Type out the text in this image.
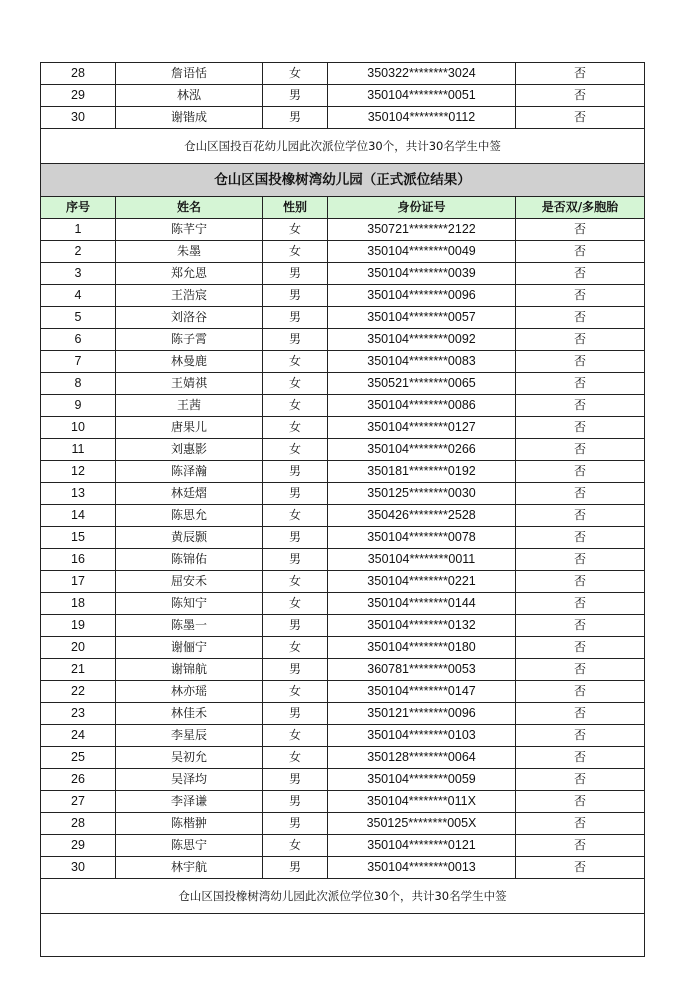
28	詹语恬	女	350322********3024	否
29	林泓	男	350104********0051	否
30	谢锴成	男	350104********0112	否
仓山区国投百花幼儿园此次派位学位30个，共计30名学生中签				
仓山区国投橡树湾幼儿园（正式派位结果）				
序号	姓名	性别	身份证号	是否双/多胞胎
1	陈芊宁	女	350721********2122	否
2	朱墨	女	350104********0049	否
3	郑允恩	男	350104********0039	否
4	王浩宸	男	350104********0096	否
5	刘洛谷	男	350104********0057	否
6	陈子霄	男	350104********0092	否
7	林曼鹿	女	350104********0083	否
8	王婧祺	女	350521********0065	否
9	王茜	女	350104********0086	否
10	唐果儿	女	350104********0127	否
11	刘惠影	女	350104********0266	否
12	陈泽瀚	男	350181********0192	否
13	林廷熠	男	350125********0030	否
14	陈思允	女	350426********2528	否
15	黄辰颢	男	350104********0078	否
16	陈锦佑	男	350104********0011	否
17	屈安禾	女	350104********0221	否
18	陈知宁	女	350104********0144	否
19	陈墨一	男	350104********0132	否
20	谢俪宁	女	350104********0180	否
21	谢锦航	男	360781********0053	否
22	林亦瑶	女	350104********0147	否
23	林佳禾	男	350121********0096	否
24	李星辰	女	350104********0103	否
25	吴初允	女	350128********0064	否
26	吴泽均	男	350104********0059	否
27	李泽谦	男	350104********011X	否
28	陈楷翀	男	350125********005X	否
29	陈思宁	女	350104********0121	否
30	林宇航	男	350104********0013	否
仓山区国投橡树湾幼儿园此次派位学位30个，共计30名学生中签				
